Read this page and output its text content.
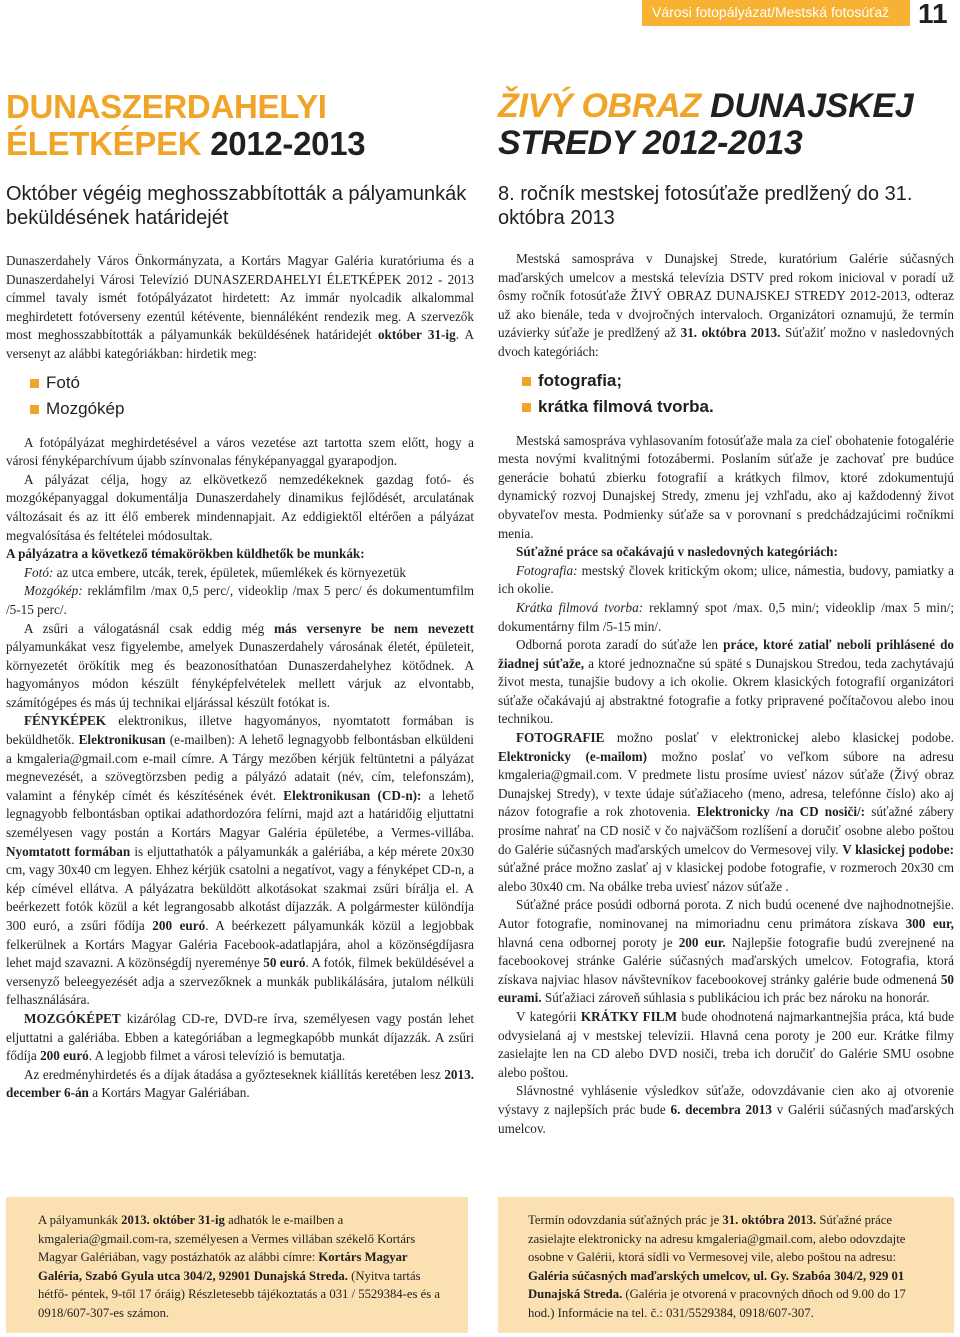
Városi fotopályázat/Mestská fotosúťaž 11
DUNASZERDAHELYI
ÉLETKÉPEK 2012-2013
Október végéig meghosszabbították a pályamunkák beküldésének határidejét

Dunaszerdahely Város Önkormányzata, a Kortárs Magyar Galéria kuratóriuma és a Dunaszerdahelyi Városi Televízió DUNASZERDAHELYI ÉLETKÉPEK 2012 - 2013 címmel tavaly ismét fotópályázatot hirdetett: Az immár nyolcadik alkalommal meghirdetett fotóverseny ezentúl kétévente, biennáléként rendezik meg. A szervezők most meghosszabbították a pályamunkák beküldésének határidejét október 31-ig. A versenyt az alábbi kategóriákban: hirdetik meg:

Fotó
Mozgókép

A fotópályázat meghirdetésével a város vezetése azt tartotta szem előtt, hogy a városi fényképarchívum újabb színvonalas fényképanyaggal gyarapodjon.

A pályázat célja, hogy az elkövetkező nemzedékeknek gazdag fotó- és mozgóképanyaggal dokumentálja Dunaszerdahely dinamikus fejlődését, arculatának változásait és az itt élő emberek mindennapjait. Az eddigiektől eltérően a pályázat megvalósítása és feltételei módosultak.

A pályázatra a következő témakörökben küldhetők be munkák:

Fotó: az utca embere, utcák, terek, épületek, műemlékek és környezetük

Mozgókép: reklámfilm /max 0,5 perc/, videoklip /max 5 perc/ és dokumentumfilm /5-15 perc/.

A zsűri a válogatásnál csak eddig még más versenyre be nem nevezett pályamunkákat vesz figyelembe, amelyek Dunaszerdahely városának életét, épületeit, környezetét örökítik meg és beazonosíthatóan Dunaszerdahelyhez kötődnek. A hagyományos módon készült fényképfelvételek mellett várjuk az elvontabb, számítógépes és más új technikai eljárással készült fotókat is.

FÉNYKÉPEK elektronikus, illetve hagyományos, nyomtatott formában is beküldhetők. Elektronikusan (e-mailben): A lehető legnagyobb felbontásban elküldeni a kmgaleria@gmail.com e-mail címre. A Tárgy mezőben kérjük feltüntetni a pályázat megnevezését, a szövegtörzsben pedig a pályázó adatait (név, cím, telefonszám), valamint a fénykép címét és készítésének évét. Elektronikusan (CD-n): a lehető legnagyobb felbontásban optikai adathordozóra felírni, majd azt a határidőig eljuttatni személyesen vagy postán a Kortárs Magyar Galéria épületébe, a Vermes-villába. Nyomtatott formában is eljuttathatók a pályamunkák a galériába, a kép mérete 20x30 cm, vagy 30x40 cm legyen. Ehhez kérjük csatolni a negatívot, vagy a fényképet CD-n, a kép címével ellátva. A pályázatra beküldött alkotásokat szakmai zsűri bírálja el. A beérkezett fotók közül a két legrangosabb alkotást díjazzák. A polgármester különdíja 300 euró, a zsűri fődíja 200 euró. A beérkezett pályamunkák közül a legjobbak felkerülnek a Kortárs Magyar Galéria Facebook-adatlapjára, ahol a közönségdíjasra lehet majd szavazni. A közönségdíj nyereménye 50 euró. A fotók, filmek beküldésével a versenyző beleegyezését adja a szervezőknek a munkák publikálására, jutalom nélküli felhasználására.

MOZGÓKÉPET kizárólag CD-re, DVD-re írva, személyesen vagy postán lehet eljuttatni a galériába. Ebben a kategóriában a legmegkapóbb munkát díjazzák. A zsűri fődíja 200 euró. A legjobb filmet a városi televízió is bemutatja.

Az eredményhirdetés és a díjak átadása a győzteseknek kiállítás keretében lesz 2013. december 6-án a Kortárs Magyar Galériában.

ŽIVÝ OBRAZ DUNAJSKEJ
STREDY 2012-2013
8. ročník mestskej fotosúťaže predlžený do 31. októbra 2013

Mestská samospráva v Dunajskej Strede, kuratórium Galérie súčasných maďarských umelcov a mestská televízia DSTV pred rokom inicioval v poradí už ôsmy ročník fotosúťaže ŽIVÝ OBRAZ DUNAJSKEJ STREDY 2012-2013, odteraz už ako bienále, teda v dvojročných intervaloch. Organizátori oznamujú, že termín uzávierky súťaže je predlžený až 31. októbra 2013. Súťažiť možno v nasledovných dvoch kategóriách:

fotografia;
krátka filmová tvorba.

Mestská samospráva vyhlasovaním fotosúťaže mala za cieľ obohatenie fotogalérie mesta novými kvalitnými fotozábermi. Poslaním súťaže je zachovať pre budúce generácie bohatú zbierku fotografií a krátkych filmov, ktoré zdokumentujú dynamický rozvoj Dunajskej Stredy, zmenu jej vzhľadu, ako aj každodenný život obyvateľov mesta. Podmienky súťaže sa v porovnaní s predchádzajúcimi ročníkmi menia.

Súťažné práce sa očakávajú v nasledovných kategóriách:

Fotografia: mestský človek kritickým okom; ulice, námestia, budovy, pamiatky a ich okolie.

Krátka filmová tvorba: reklamný spot /max. 0,5 min/; videoklip /max 5 min/; dokumentárny film /5-15 min/.

Odborná porota zaradí do súťaže len práce, ktoré zatiaľ neboli prihlásené do žiadnej súťaže, a ktoré jednoznačne sú späté s Dunajskou Stredou, teda zachytávajú život mesta, tunajšie budovy a ich okolie. Okrem klasických fotografií organizátori súťaže očakávajú aj abstraktné fotografie a fotky pripravené počítačovou alebo inou technikou.

FOTOGRAFIE možno poslať v elektronickej alebo klasickej podobe. Elektronicky (e-mailom) možno poslať vo veľkom súbore na adresu kmgaleria@gmail.com. V predmete listu prosíme uviesť názov súťaže (Živý obraz Dunajskej Stredy), v texte údaje súťažiaceho (meno, adresa, telefónne číslo) ako aj názov fotografie a rok zhotovenia. Elektronicky /na CD nosiči/: súťažné zábery prosíme nahrať na CD nosič v čo najväčšom rozlíšení a doručiť osobne alebo poštou do Galérie súčasných maďarských umelcov do Vermesovej vily. V klasickej podobe: súťažné práce možno zaslať aj v klasickej podobe fotografie, v rozmeroch 20x30 cm alebo 30x40 cm. Na obálke treba uviesť názov súťaže .

Súťažné práce posúdi odborná porota. Z nich budú ocenené dve najhodnotnejšie. Autor fotografie, nominovanej na mimoriadnu cenu primátora získava 300 eur, hlavná cena odbornej poroty je 200 eur. Najlepšie fotografie budú zverejnené na facebookovej stránke Galérie súčasných maďarských umelcov. Fotografia, ktorá získava najviac hlasov návštevníkov facebookovej stránky galérie bude odmenená 50 eurami. Súťažiaci zároveň súhlasia s publikáciou ich prác bez nároku na honorár.

V kategórii KRÁTKY FILM bude ohodnotená najmarkantnejšia práca, ktá bude odvysielaná aj v mestskej televízii. Hlavná cena poroty je 200 eur. Krátke filmy zasielajte len na CD alebo DVD nosiči, treba ich doručiť do Galérie SMU osobne alebo poštou.

Slávnostné vyhlásenie výsledkov súťaže, odovzdávanie cien ako aj otvorenie výstavy z najlepších prác bude 6. decembra 2013 v Galérii súčasných maďarských umelcov.

A pályamunkák 2013. október 31-ig adhatók le e-mailben a kmgaleria@gmail.com-ra, személyesen a Vermes villában székelő Kortárs Magyar Galériában, vagy postázhatók az alábbi címre: Kortárs Magyar Galéria, Szabó Gyula utca 304/2, 92901 Dunajská Streda. (Nyitva tartás hétfő- péntek, 9-től 17 óráig) Részletesebb tájékoztatás a 031 / 5529384-es és a 0918/607-307-es számon.
Termín odovzdania súťažných prác je 31. októbra 2013. Súťažné práce zasielajte elektronicky na adresu kmgaleria@gmail.com, alebo odovzdajte osobne v Galérii, ktorá sídli vo Vermesovej vile, alebo poštou na adresu: Galéria súčasných maďarských umelcov, ul. Gy. Szabóa 304/2, 929 01 Dunajská Streda. (Galéria je otvorená v pracovných dňoch od 9.00 do 17 hod.) Informácie na tel. č.: 031/5529384, 0918/607-307.
